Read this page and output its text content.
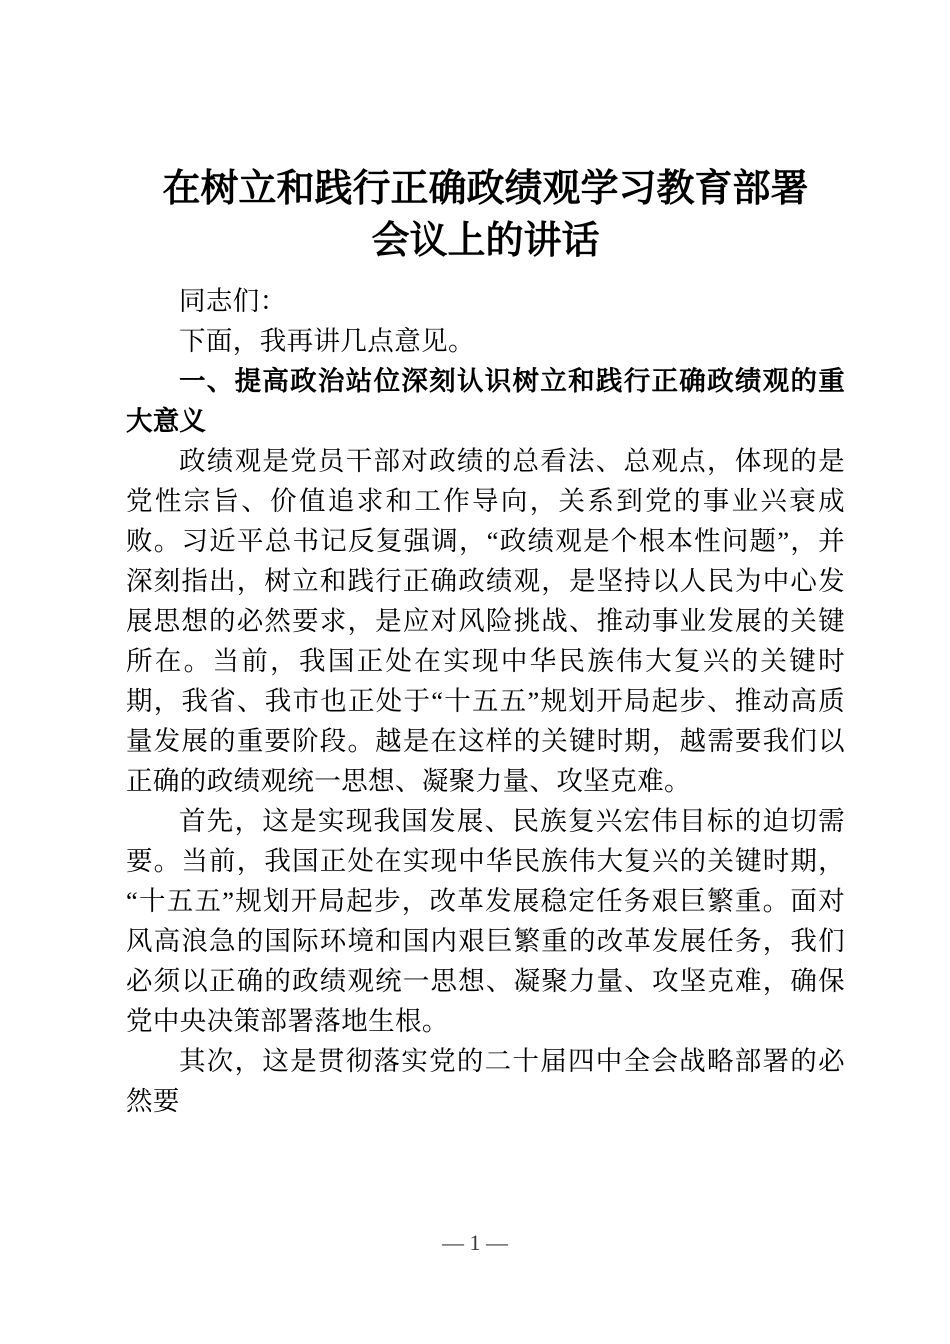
在树立和践行正确政绩观学习教育部署
会议上的讲话

同志们：

下面，我再讲几点意见。

一、提高政治站位深刻认识树立和践行正确政绩观的重大意义

政绩观是党员干部对政绩的总看法、总观点，体现的是党性宗旨、价值追求和工作导向，关系到党的事业兴衰成败。习近平总书记反复强调，“政绩观是个根本性问题”，并深刻指出，树立和践行正确政绩观，是坚持以人民为中心发展思想的必然要求，是应对风险挑战、推动事业发展的关键所在。当前，我国正处在实现中华民族伟大复兴的关键时期，我省、我市也正处于“十五五”规划开局起步、推动高质量发展的重要阶段。越是在这样的关键时期，越需要我们以正确的政绩观统一思想、凝聚力量、攻坚克难。

首先，这是实现我国发展、民族复兴宏伟目标的迫切需要。当前，我国正处在实现中华民族伟大复兴的关键时期，“十五五”规划开局起步，改革发展稳定任务艰巨繁重。面对风高浪急的国际环境和国内艰巨繁重的改革发展任务，我们必须以正确的政绩观统一思想、凝聚力量、攻坚克难，确保党中央决策部署落地生根。

其次，这是贯彻落实党的二十届四中全会战略部署的必然要

— 1 —
